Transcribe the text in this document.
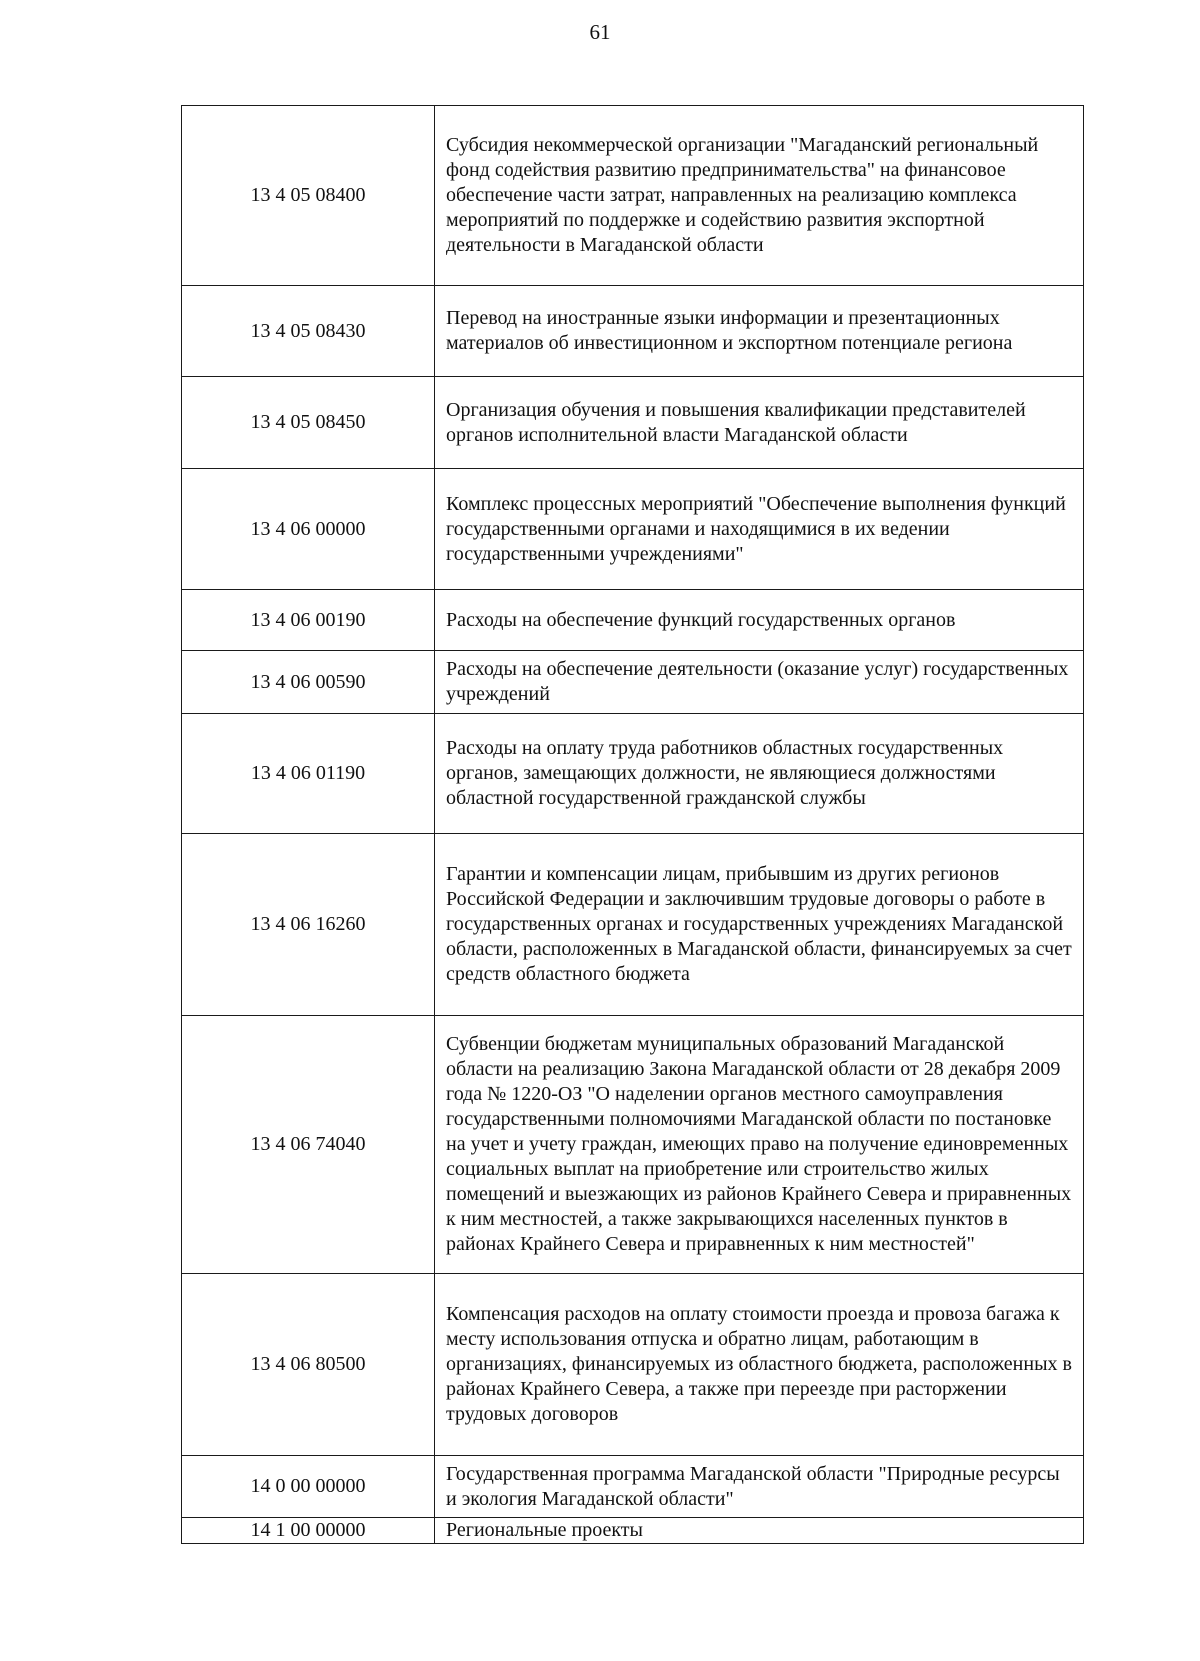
61
13 4 05 08400	Субсидия некоммерческой организации "Магаданский региональный фонд содействия развитию предпринимательства" на финансовое обеспечение части затрат, направленных на реализацию комплекса мероприятий по поддержке и содействию развития экспортной деятельности в Магаданской области
13 4 05 08430	Перевод на иностранные языки информации и презентационных материалов об инвестиционном и экспортном потенциале региона
13 4 05 08450	Организация обучения и повышения квалификации представителей органов исполнительной власти Магаданской области
13 4 06 00000	Комплекс процессных мероприятий "Обеспечение выполнения функций государственными органами и находящимися в их ведении государственными учреждениями"
13 4 06 00190	Расходы на обеспечение функций государственных органов
13 4 06 00590	Расходы на обеспечение деятельности (оказание услуг) государственных учреждений
13 4 06 01190	Расходы на оплату труда работников областных государственных органов, замещающих должности, не являющиеся должностями областной государственной гражданской службы
13 4 06 16260	Гарантии и компенсации лицам, прибывшим из других регионов Российской Федерации и заключившим трудовые договоры о работе в государственных органах и государственных учреждениях Магаданской области, расположенных в Магаданской области, финансируемых за счет средств областного бюджета
13 4 06 74040	Субвенции бюджетам муниципальных образований Магаданской области на реализацию Закона Магаданской области от 28 декабря 2009 года № 1220-ОЗ "О наделении органов местного самоуправления государственными полномочиями Магаданской области по постановке на учет и учету граждан, имеющих право на получение единовременных социальных выплат на приобретение или строительство жилых помещений и выезжающих из районов Крайнего Севера и приравненных к ним местностей, а также закрывающихся населенных пунктов в районах Крайнего Севера и приравненных к ним местностей"
13 4 06 80500	Компенсация расходов на оплату стоимости проезда и провоза багажа к месту использования отпуска и обратно лицам, работающим в организациях, финансируемых из областного бюджета, расположенных в районах Крайнего Севера, а также при переезде при расторжении трудовых договоров
14 0 00 00000	Государственная программа Магаданской области "Природные ресурсы и экология Магаданской области"
14 1 00 00000	Региональные проекты
